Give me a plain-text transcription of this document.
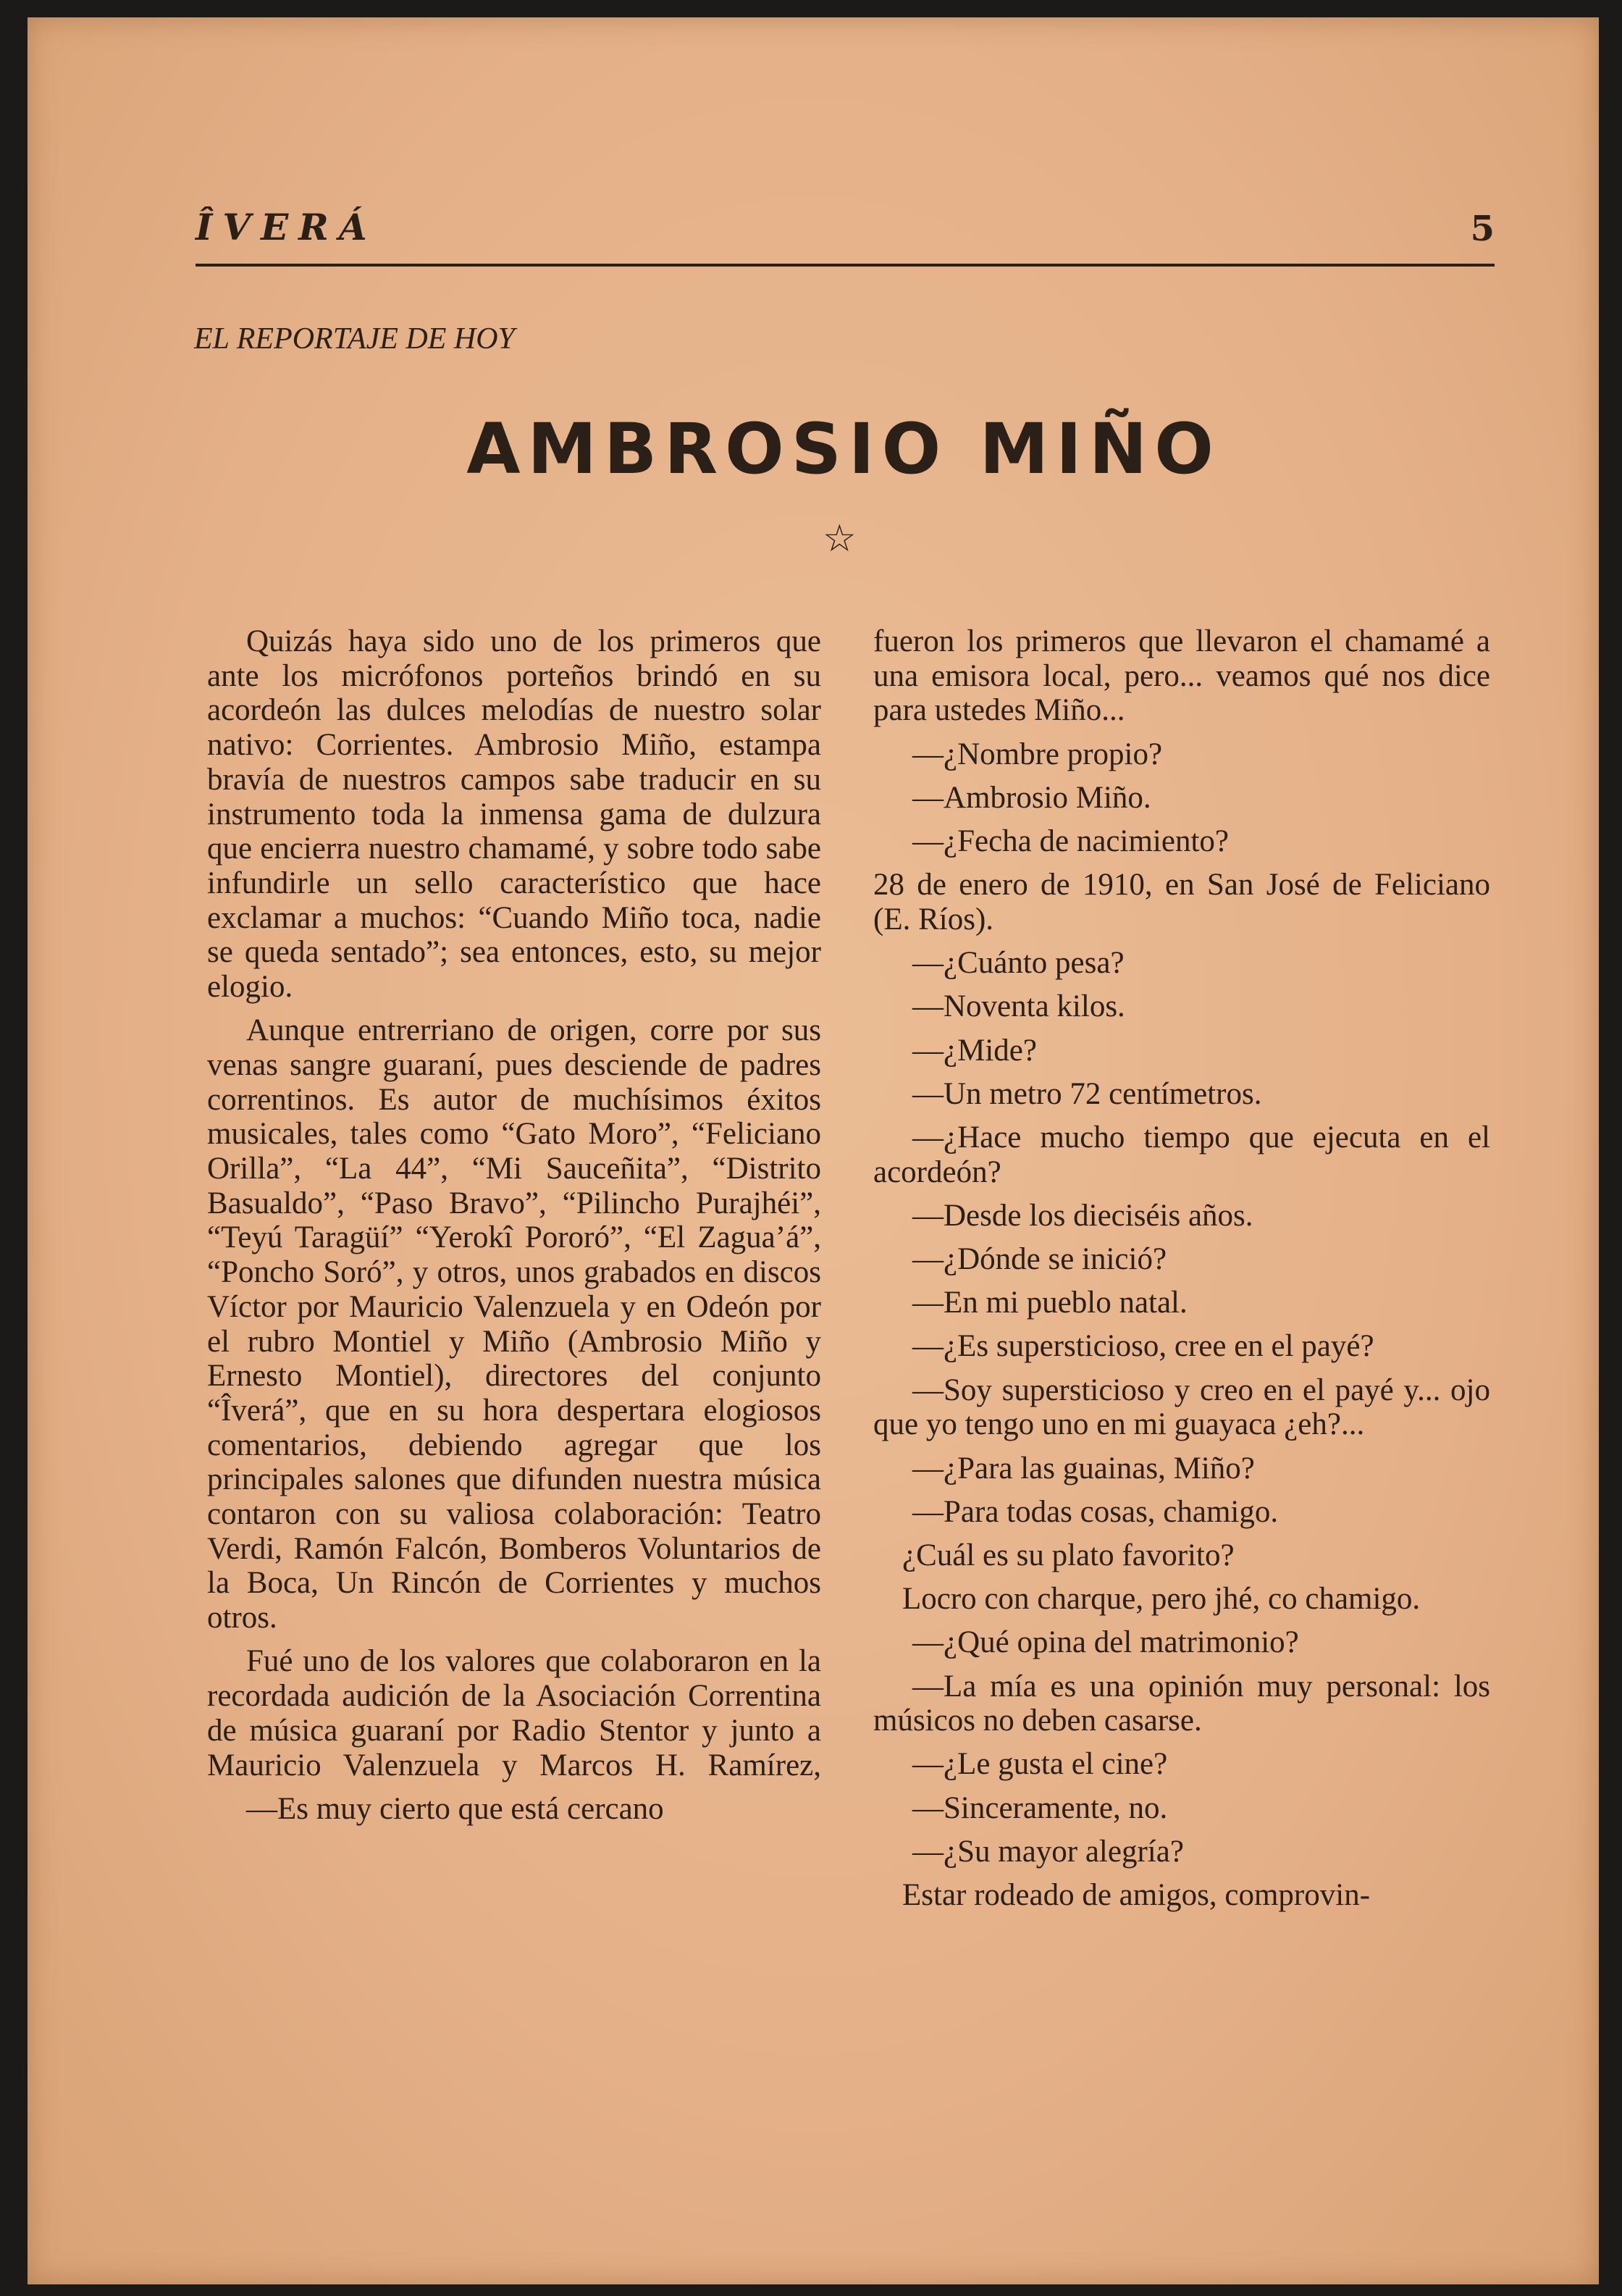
ÎVERÁ	5
EL REPORTAJE DE HOY
AMBROSIO MIÑO
☆

Quizás haya sido uno de los primeros que ante los micrófonos porteños brindó en su acordeón las dulces melodías de nuestro solar nativo: Corrientes. Ambrosio Miño, estampa bravía de nuestros campos sabe traducir en su instrumento toda la inmensa gama de dulzura que encierra nuestro chamamé, y sobre todo sabe infundirle un sello característico que hace exclamar a muchos: “Cuando Miño toca, nadie se queda sentado”; sea entonces, esto, su mejor elogio.

Aunque entrerriano de origen, corre por sus venas sangre guaraní, pues desciende de padres correntinos. Es autor de muchísimos éxitos musicales, tales como “Gato Moro”, “Feliciano Orilla”, “La 44”, “Mi Sauceñita”, “Distrito Basualdo”, “Paso Bravo”, “Pilincho Purajhéi”, “Teyú Taragüí” “Yerokî Pororó”, “El Zagua’á”, “Poncho Soró”, y otros, unos grabados en discos Víctor por Mauricio Valenzuela y en Odeón por el rubro Montiel y Miño (Ambrosio Miño y Ernesto Montiel), directores del conjunto “Îverá”, que en su hora despertara elogiosos comentarios, debiendo agregar que los principales salones que difunden nuestra música contaron con su valiosa colaboración: Teatro Verdi, Ramón Falcón, Bomberos Voluntarios de la Boca, Un Rincón de Corrientes y muchos otros.

Fué uno de los valores que colaboraron en la recordada audición de la Asociación Correntina de música guaraní por Radio Stentor y junto a Mauricio Valenzuela y Marcos H. Ramírez,

—Es muy cierto que está cercano

fueron los primeros que llevaron el chamamé a una emisora local, pero... veamos qué nos dice para ustedes Miño...

—¿Nombre propio?

—Ambrosio Miño.

—¿Fecha de nacimiento?

28 de enero de 1910, en San José de Feliciano (E. Ríos).

—¿Cuánto pesa?

—Noventa kilos.

—¿Mide?

—Un metro 72 centímetros.

—¿Hace mucho tiempo que ejecuta en el acordeón?

—Desde los dieciséis años.

—¿Dónde se inició?

—En mi pueblo natal.

—¿Es supersticioso, cree en el payé?

—Soy supersticioso y creo en el payé y... ojo que yo tengo uno en mi guayaca ¿eh?...

—¿Para las guainas, Miño?

—Para todas cosas, chamigo.

¿Cuál es su plato favorito?

Locro con charque, pero jhé, co chamigo.

—¿Qué opina del matrimonio?

—La mía es una opinión muy personal: los músicos no deben casarse.

—¿Le gusta el cine?

—Sinceramente, no.

—¿Su mayor alegría?

Estar rodeado de amigos, comprovin-
